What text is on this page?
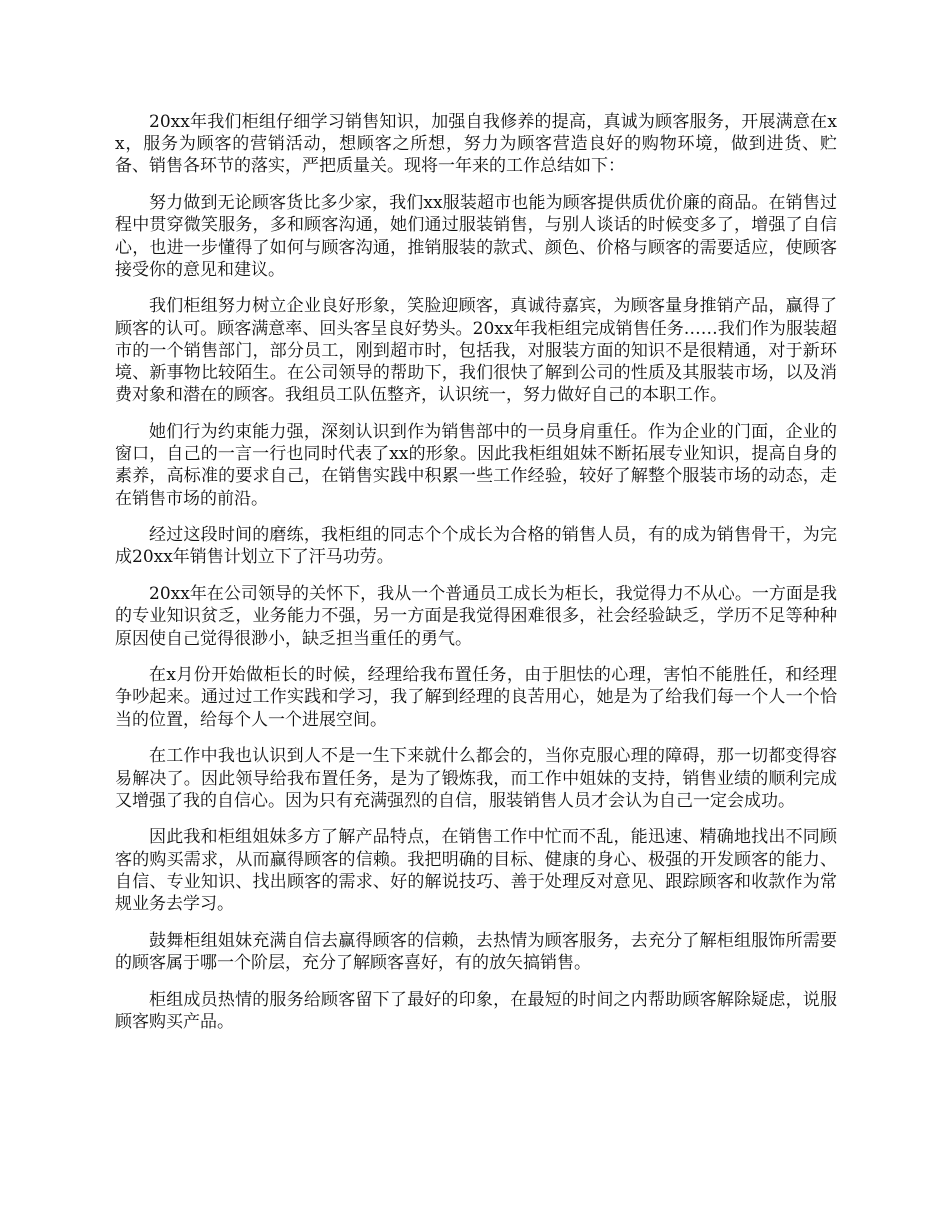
20xx年我们柜组仔细学习销售知识，加强自我修养的提高，真诚为顾客服务，开展满意在xx，服务为顾客的营销活动，想顾客之所想，努力为顾客营造良好的购物环境，做到进货、贮备、销售各环节的落实，严把质量关。现将一年来的工作总结如下：

努力做到无论顾客货比多少家，我们xx服装超市也能为顾客提供质优价廉的商品。在销售过程中贯穿微笑服务，多和顾客沟通，她们通过服装销售，与别人谈话的时候变多了，增强了自信心，也进一步懂得了如何与顾客沟通，推销服装的款式、颜色、价格与顾客的需要适应，使顾客接受你的意见和建议。

我们柜组努力树立企业良好形象，笑脸迎顾客，真诚待嘉宾，为顾客量身推销产品，赢得了顾客的认可。顾客满意率、回头客呈良好势头。20xx年我柜组完成销售任务……我们作为服装超市的一个销售部门，部分员工，刚到超市时，包括我，对服装方面的知识不是很精通，对于新环境、新事物比较陌生。在公司领导的帮助下，我们很快了解到公司的性质及其服装市场，以及消费对象和潜在的顾客。我组员工队伍整齐，认识统一，努力做好自己的本职工作。

她们行为约束能力强，深刻认识到作为销售部中的一员身肩重任。作为企业的门面，企业的窗口，自己的一言一行也同时代表了xx的形象。因此我柜组姐妹不断拓展专业知识，提高自身的素养，高标准的要求自己，在销售实践中积累一些工作经验，较好了解整个服装市场的动态，走在销售市场的前沿。

经过这段时间的磨练，我柜组的同志个个成长为合格的销售人员，有的成为销售骨干，为完成20xx年销售计划立下了汗马功劳。

20xx年在公司领导的关怀下，我从一个普通员工成长为柜长，我觉得力不从心。一方面是我的专业知识贫乏，业务能力不强，另一方面是我觉得困难很多，社会经验缺乏，学历不足等种种原因使自己觉得很渺小，缺乏担当重任的勇气。

在x月份开始做柜长的时候，经理给我布置任务，由于胆怯的心理，害怕不能胜任，和经理争吵起来。通过过工作实践和学习，我了解到经理的良苦用心，她是为了给我们每一个人一个恰当的位置，给每个人一个进展空间。

在工作中我也认识到人不是一生下来就什么都会的，当你克服心理的障碍，那一切都变得容易解决了。因此领导给我布置任务，是为了锻炼我，而工作中姐妹的支持，销售业绩的顺利完成又增强了我的自信心。因为只有充满强烈的自信，服装销售人员才会认为自己一定会成功。

因此我和柜组姐妹多方了解产品特点，在销售工作中忙而不乱，能迅速、精确地找出不同顾客的购买需求，从而赢得顾客的信赖。我把明确的目标、健康的身心、极强的开发顾客的能力、自信、专业知识、找出顾客的需求、好的解说技巧、善于处理反对意见、跟踪顾客和收款作为常规业务去学习。

鼓舞柜组姐妹充满自信去赢得顾客的信赖，去热情为顾客服务，去充分了解柜组服饰所需要的顾客属于哪一个阶层，充分了解顾客喜好，有的放矢搞销售。

柜组成员热情的服务给顾客留下了最好的印象，在最短的时间之内帮助顾客解除疑虑，说服顾客购买产品。
